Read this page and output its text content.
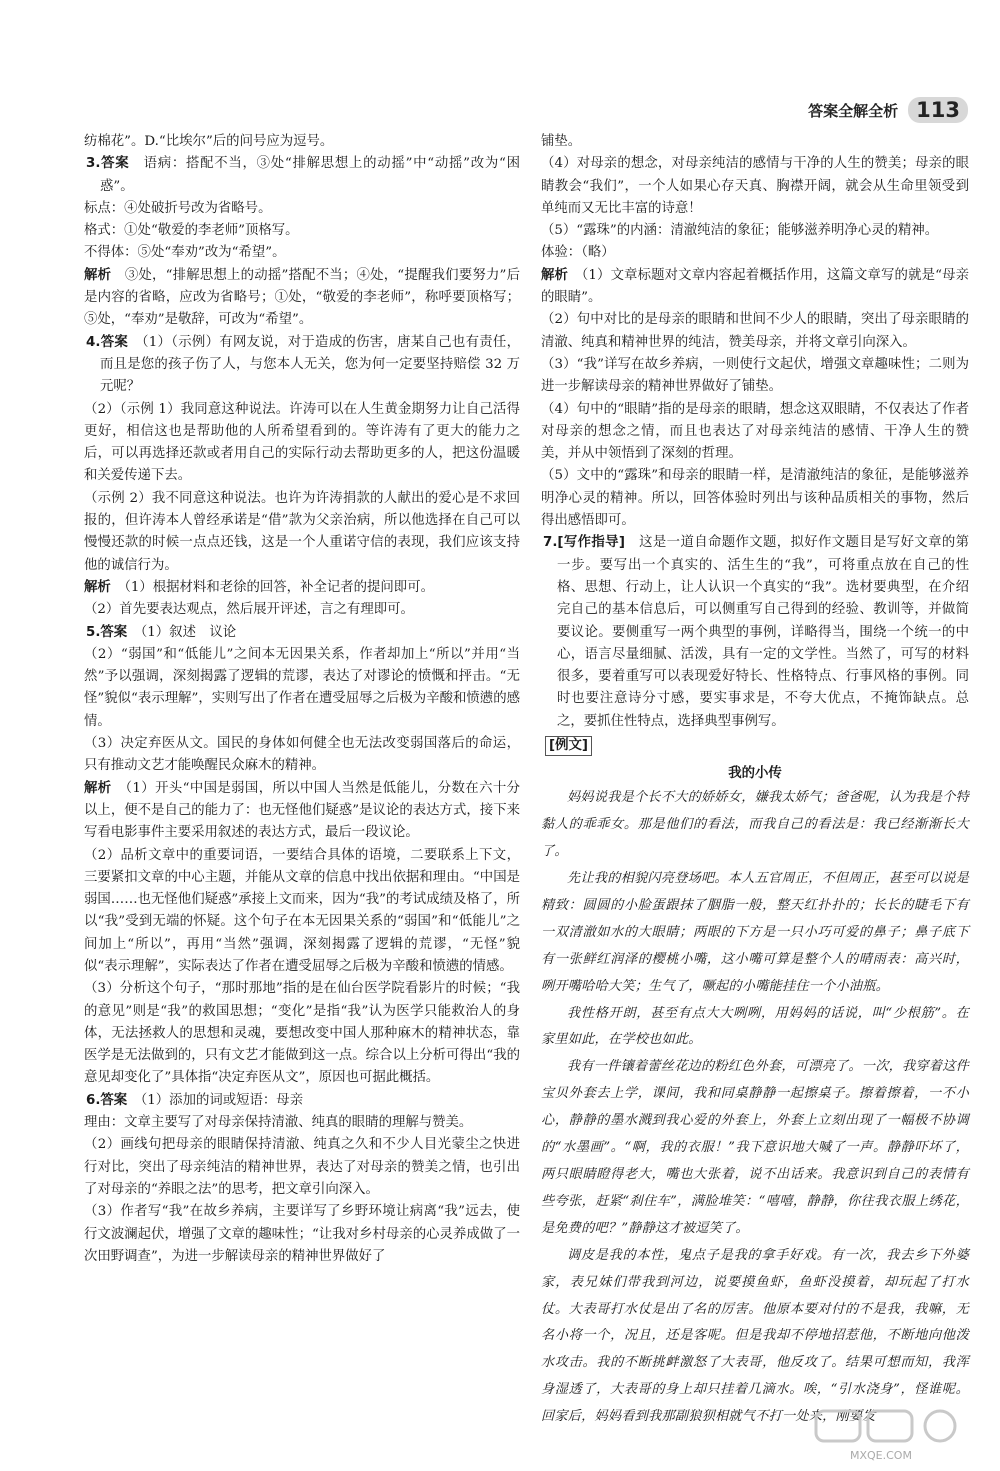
答案全解全析 113

纺棉花”。D.“比埃尔”后的问号应为逗号。

3.答案　 语病：搭配不当，③处“排解思想上的动摇”中“动摇”改为“困惑”。

标点：④处破折号改为省略号。

格式：①处“敬爱的李老师”顶格写。

不得体：⑤处“奉劝”改为“希望”。

解析　 ③处，“排解思想上的动摇”搭配不当；④处，“提醒我们要努力”后是内容的省略，应改为省略号；①处，“敬爱的李老师”，称呼要顶格写；⑤处，“奉劝”是敬辞，可改为“希望”。

4.答案　 （1）（示例）有网友说，对于造成的伤害，唐某自己也有责任，而且是您的孩子伤了人，与您本人无关，您为何一定要坚持赔偿 32 万元呢？

（2）（示例 1）我同意这种说法。许涛可以在人生黄金期努力让自己活得更好，相信这也是帮助他的人所希望看到的。等许涛有了更大的能力之后，可以再选择还款或者用自己的实际行动去帮助更多的人，把这份温暖和关爱传递下去。

（示例 2）我不同意这种说法。也许为许涛捐款的人献出的爱心是不求回报的，但许涛本人曾经承诺是“借”款为父亲治病，所以他选择在自己可以慢慢还款的时候一点点还钱，这是一个人重诺守信的表现，我们应该支持他的诚信行为。

解析　 （1）根据材料和老徐的回答，补全记者的提问即可。

（2）首先要表达观点，然后展开评述，言之有理即可。

5.答案　 （1）叙述　议论

（2）“弱国”和“低能儿”之间本无因果关系，作者却加上“所以”并用“当然”予以强调，深刻揭露了逻辑的荒谬，表达了对谬论的愤慨和抨击。“无怪”貌似“表示理解”，实则写出了作者在遭受屈辱之后极为辛酸和愤懑的感情。

（3）决定弃医从文。国民的身体如何健全也无法改变弱国落后的命运，只有推动文艺才能唤醒民众麻木的精神。

解析　 （1）开头“中国是弱国，所以中国人当然是低能儿，分数在六十分以上，便不是自己的能力了：也无怪他们疑惑”是议论的表达方式，接下来写看电影事件主要采用叙述的表达方式，最后一段议论。

（2）品析文章中的重要词语，一要结合具体的语境，二要联系上下文，三要紧扣文章的中心主题，并能从文章的信息中找出依据和理由。“中国是弱国……也无怪他们疑惑”承接上文而来，因为“我”的考试成绩及格了，所以“我”受到无端的怀疑。这个句子在本无因果关系的“弱国”和“低能儿”之间加上“所以”，再用“当然”强调，深刻揭露了逻辑的荒谬，“无怪”貌似“表示理解”，实际表达了作者在遭受屈辱之后极为辛酸和愤懑的情感。

（3）分析这个句子，“那时那地”指的是在仙台医学院看影片的时候；“我的意见”则是“我”的救国思想；“变化”是指“我”认为医学只能救治人的身体，无法拯救人的思想和灵魂，要想改变中国人那种麻木的精神状态，靠医学是无法做到的，只有文艺才能做到这一点。综合以上分析可得出“我的意见却变化了”具体指“决定弃医从文”，原因也可据此概括。

6.答案　 （1）添加的词或短语：母亲

理由：文章主要写了对母亲保持清澈、纯真的眼睛的理解与赞美。

（2）画线句把母亲的眼睛保持清澈、纯真之久和不少人目光蒙尘之快进行对比，突出了母亲纯洁的精神世界，表达了对母亲的赞美之情，也引出了对母亲的“养眼之法”的思考，把文章引向深入。

（3）作者写“我”在故乡养病，主要详写了乡野环境让病离“我”远去，使行文波澜起伏，增强了文章的趣味性；“让我对乡村母亲的心灵养成做了一次田野调查”，为进一步解读母亲的精神世界做好了

铺垫。

（4）对母亲的想念，对母亲纯洁的感情与干净的人生的赞美；母亲的眼睛教会“我们”，一个人如果心存天真、胸襟开阔，就会从生命里领受到单纯而又无比丰富的诗意！

（5）“露珠”的内涵：清澈纯洁的象征；能够滋养明净心灵的精神。

体验：（略）

解析　 （1）文章标题对文章内容起着概括作用，这篇文章写的就是“母亲的眼睛”。

（2）句中对比的是母亲的眼睛和世间不少人的眼睛，突出了母亲眼睛的清澈、纯真和精神世界的纯洁，赞美母亲，并将文章引向深入。

（3）“我”详写在故乡养病，一则使行文起伏，增强文章趣味性；二则为进一步解读母亲的精神世界做好了铺垫。

（4）句中的“眼睛”指的是母亲的眼睛，想念这双眼睛，不仅表达了作者对母亲的想念之情，而且也表达了对母亲纯洁的感情、干净人生的赞美，并从中领悟到了深刻的哲理。

（5）文中的“露珠”和母亲的眼睛一样，是清澈纯洁的象征，是能够滋养明净心灵的精神。所以，回答体验时列出与该种品质相关的事物，然后得出感悟即可。

7.[写作指导]　 这是一道自命题作文题，拟好作文题目是写好文章的第一步。要写出一个真实的、活生生的“我”，可将重点放在自己的性格、思想、行动上，让人认识一个真实的“我”。选材要典型，在介绍完自己的基本信息后，可以侧重写自己得到的经验、教训等，并做简要议论。要侧重写一两个典型的事例，详略得当，围绕一个统一的中心，语言尽量细腻、活泼，具有一定的文学性。当然了，可写的材料很多，要着重写可以表现爱好特长、性格特点、行事风格的事例。同时也要注意诗分寸感，要实事求是，不夸大优点，不掩饰缺点。总之，要抓住性特点，选择典型事例写。

[例文]

我的小传

妈妈说我是个长不大的娇娇女，嫌我太娇气；爸爸呢，认为我是个特黏人的乖乖女。那是他们的看法，而我自己的看法是：我已经渐渐长大了。

先让我的相貌闪亮登场吧。本人五官周正，不但周正，甚至可以说是精致：圆圆的小脸蛋跟抹了胭脂一般，整天红扑扑的；长长的睫毛下有一双清澈如水的大眼睛；两眼的下方是一只小巧可爱的鼻子；鼻子底下有一张鲜红润泽的樱桃小嘴，这小嘴可算是整个人的晴雨表：高兴时，咧开嘴哈哈大笑；生气了，噘起的小嘴能挂住一个小油瓶。

我性格开朗，甚至有点大大咧咧，用妈妈的话说，叫“少根筋”。在家里如此，在学校也如此。

我有一件镶着蕾丝花边的粉红色外套，可漂亮了。一次，我穿着这件宝贝外套去上学，课间，我和同桌静静一起擦桌子。擦着擦着，一不小心，静静的墨水溅到我心爱的外套上，外套上立刻出现了一幅极不协调的“水墨画”。“啊，我的衣服！”我下意识地大喊了一声。静静吓坏了，两只眼睛瞪得老大，嘴也大张着，说不出话来。我意识到自己的表情有些夸张，赶紧“刹住车”，满脸堆笑：“嘻嘻，静静，你往我衣服上绣花，是免费的吧？”静静这才被逗笑了。

调皮是我的本性，鬼点子是我的拿手好戏。有一次，我去乡下外婆家，表兄妹们带我到河边，说要摸鱼虾，鱼虾没摸着，却玩起了打水仗。大表哥打水仗是出了名的厉害。他原本要对付的不是我，我嘛，无名小将一个，况且，还是客呢。但是我却不停地招惹他，不断地向他泼水攻击。我的不断挑衅激怒了大表哥，他反攻了。结果可想而知，我浑身湿透了，大表哥的身上却只挂着几滴水。唉，“引水浇身”，怪谁呢。回家后，妈妈看到我那副狼狈相就气不打一处来，刚要发

MXQE.COM
